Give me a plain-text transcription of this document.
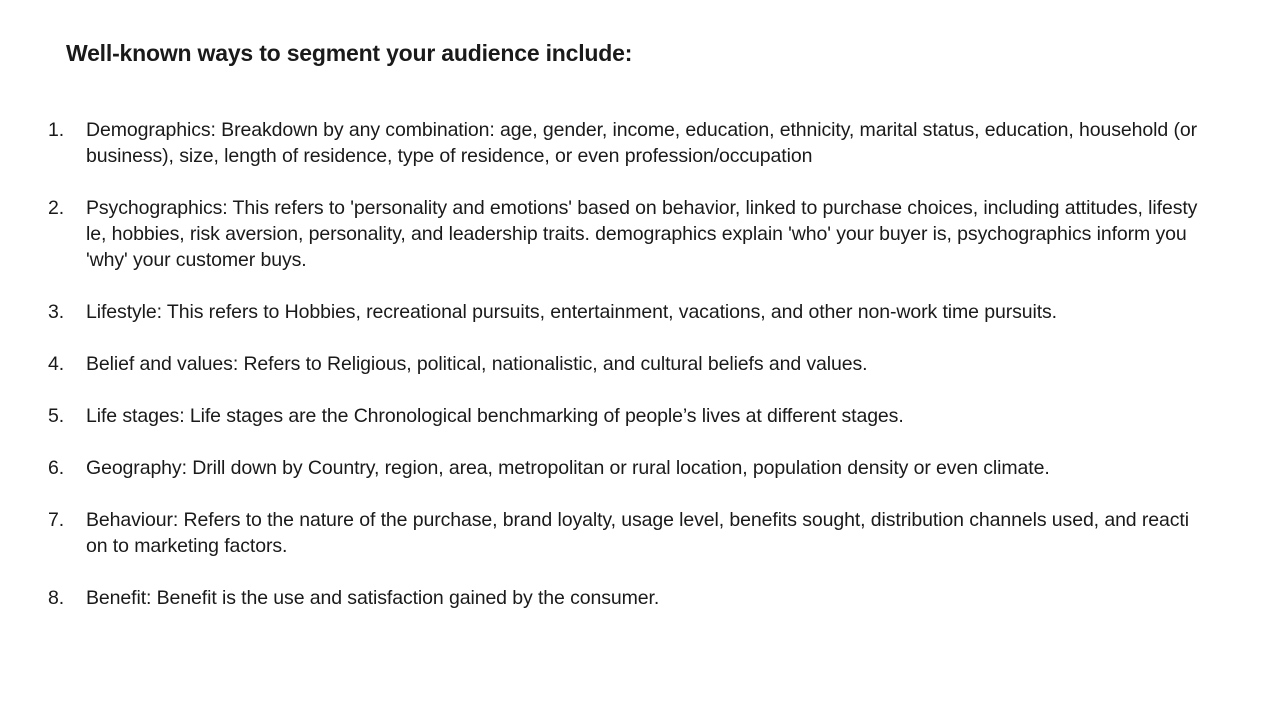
Well-known ways to segment your audience include:
1.	Demographics: Breakdown by any combination: age, gender, income, education, ethnicity, marital status, education, household (or business), size, length of residence, type of residence, or even profession/occupation
2.	Psychographics: This refers to 'personality and emotions' based on behavior, linked to purchase choices, including attitudes, lifestyle, hobbies, risk aversion, personality, and leadership traits. demographics explain 'who' your buyer is, psychographics inform you 'why' your customer buys.
3.	Lifestyle: This refers to Hobbies, recreational pursuits, entertainment, vacations, and other non-work time pursuits.
4.	Belief and values: Refers to Religious, political, nationalistic, and cultural beliefs and values.
5.	Life stages: Life stages are the Chronological benchmarking of people’s lives at different stages.
6.	Geography: Drill down by Country, region, area, metropolitan or rural location, population density or even climate.
7.	Behaviour: Refers to the nature of the purchase, brand loyalty, usage level, benefits sought, distribution channels used, and reaction to marketing factors.
8.	Benefit: Benefit is the use and satisfaction gained by the consumer.
